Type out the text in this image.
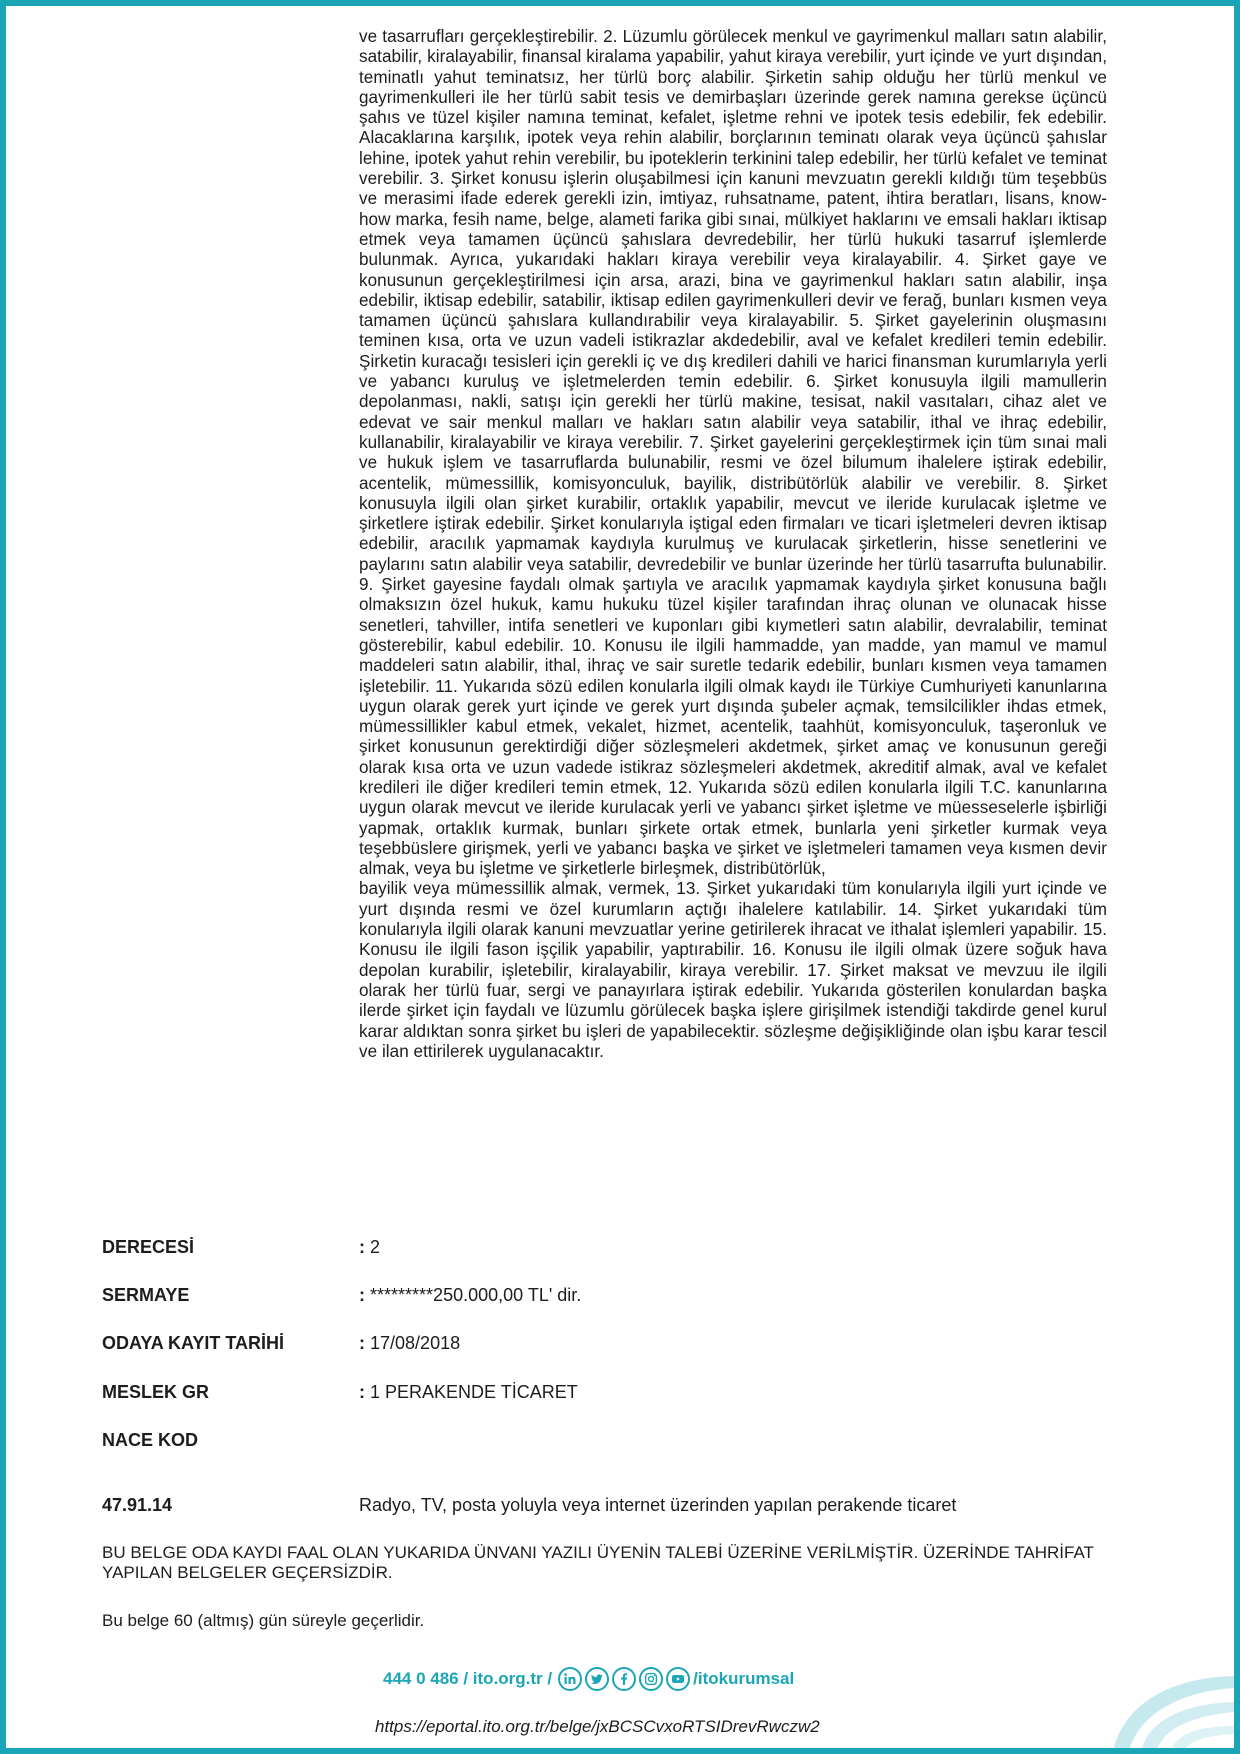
ve tasarrufları gerçekleştirebilir. 2. Lüzumlu görülecek menkul ve gayrimenkul malları satın alabilir, satabilir, kiralayabilir, finansal kiralama yapabilir, yahut kiraya verebilir, yurt içinde ve yurt dışından, teminatlı yahut teminatsız, her türlü borç alabilir. Şirketin sahip olduğu her türlü menkul ve gayrimenkulleri ile her türlü sabit tesis ve demirbaşları üzerinde gerek namına gerekse üçüncü şahıs ve tüzel kişiler namına teminat, kefalet, işletme rehni ve ipotek tesis edebilir, fek edebilir. Alacaklarına karşılık, ipotek veya rehin alabilir, borçlarının teminatı olarak veya üçüncü şahıslar lehine, ipotek yahut rehin verebilir, bu ipoteklerin terkinini talep edebilir, her türlü kefalet ve teminat verebilir. 3. Şirket konusu işlerin oluşabilmesi için kanuni mevzuatın gerekli kıldığı tüm teşebbüs ve merasimi ifade ederek gerekli izin, imtiyaz, ruhsatname, patent, ihtira beratları, lisans, know-how marka, fesih name, belge, alameti farika gibi sınai, mülkiyet haklarını ve emsali hakları iktisap etmek veya tamamen üçüncü şahıslara devredebilir, her türlü hukuki tasarruf işlemlerde bulunmak. Ayrıca, yukarıdaki hakları kiraya verebilir veya kiralayabilir. 4. Şirket gaye ve konusunun gerçekleştirilmesi için arsa, arazi, bina ve gayrimenkul hakları satın alabilir, inşa edebilir, iktisap edebilir, satabilir, iktisap edilen gayrimenkulleri devir ve ferağ, bunları kısmen veya tamamen üçüncü şahıslara kullandırabilir veya kiralayabilir. 5. Şirket gayelerinin oluşmasını teminen kısa, orta ve uzun vadeli istikrazlar akdedebilir, aval ve kefalet kredileri temin edebilir. Şirketin kuracağı tesisleri için gerekli iç ve dış kredileri dahili ve harici finansman kurumlarıyla yerli ve yabancı kuruluş ve işletmelerden temin edebilir. 6. Şirket konusuyla ilgili mamullerin depolanması, nakli, satışı için gerekli her türlü makine, tesisat, nakil vasıtaları, cihaz alet ve edevat ve sair menkul malları ve hakları satın alabilir veya satabilir, ithal ve ihraç edebilir, kullanabilir, kiralayabilir ve kiraya verebilir. 7. Şirket gayelerini gerçekleştirmek için tüm sınai mali ve hukuk işlem ve tasarruflarda bulunabilir, resmi ve özel bilumum ihalelere iştirak edebilir, acentelik, mümessillik, komisyonculuk, bayilik, distribütörlük alabilir ve verebilir. 8. Şirket konusuyla ilgili olan şirket kurabilir, ortaklık yapabilir, mevcut ve ileride kurulacak işletme ve şirketlere iştirak edebilir. Şirket konularıyla iştigal eden firmaları ve ticari işletmeleri devren iktisap edebilir, aracılık yapmamak kaydıyla kurulmuş ve kurulacak şirketlerin, hisse senetlerini ve paylarını satın alabilir veya satabilir, devredebilir ve bunlar üzerinde her türlü tasarrufta bulunabilir. 9. Şirket gayesine faydalı olmak şartıyla ve aracılık yapmamak kaydıyla şirket konusuna bağlı olmaksızın özel hukuk, kamu hukuku tüzel kişiler tarafından ihraç olunan ve olunacak hisse senetleri, tahviller, intifa senetleri ve kuponları gibi kıymetleri satın alabilir, devralabilir, teminat gösterebilir, kabul edebilir. 10. Konusu ile ilgili hammadde, yan madde, yan mamul ve mamul maddeleri satın alabilir, ithal, ihraç ve sair suretle tedarik edebilir, bunları kısmen veya tamamen işletebilir. 11. Yukarıda sözü edilen konularla ilgili olmak kaydı ile Türkiye Cumhuriyeti kanunlarına uygun olarak gerek yurt içinde ve gerek yurt dışında şubeler açmak, temsilcilikler ihdas etmek, mümessillikler kabul etmek, vekalet, hizmet, acentelik, taahhüt, komisyonculuk, taşeronluk ve şirket konusunun gerektirdiği diğer sözleşmeleri akdetmek, şirket amaç ve konusunun gereği olarak kısa orta ve uzun vadede istikraz sözleşmeleri akdetmek, akreditif almak, aval ve kefalet kredileri ile diğer kredileri temin etmek, 12. Yukarıda sözü edilen konularla ilgili T.C. kanunlarına uygun olarak mevcut ve ileride kurulacak yerli ve yabancı şirket işletme ve müesseselerle işbirliği yapmak, ortaklık kurmak, bunları şirkete ortak etmek, bunlarla yeni şirketler kurmak veya teşebbüslere girişmek, yerli ve yabancı başka ve şirket ve işletmeleri tamamen veya kısmen devir almak, veya bu işletme ve şirketlerle birleşmek, distribütörlük,
bayilik veya mümessillik almak, vermek, 13. Şirket yukarıdaki tüm konularıyla ilgili yurt içinde ve yurt dışında resmi ve özel kurumların açtığı ihalelere katılabilir. 14. Şirket yukarıdaki tüm konularıyla ilgili olarak kanuni mevzuatlar yerine getirilerek ihracat ve ithalat işlemleri yapabilir. 15. Konusu ile ilgili fason işçilik yapabilir, yaptırabilir. 16. Konusu ile ilgili olmak üzere soğuk hava depolan kurabilir, işletebilir, kiralayabilir, kiraya verebilir. 17. Şirket maksat ve mevzuu ile ilgili olarak her türlü fuar, sergi ve panayırlara iştirak edebilir. Yukarıda gösterilen konulardan başka ilerde şirket için faydalı ve lüzumlu görülecek başka işlere girişilmek istendiği takdirde genel kurul karar aldıktan sonra şirket bu işleri de yapabilecektir. sözleşme değişikliğinde olan işbu karar tescil ve ilan ettirilerek uygulanacaktır.

DERECESİ	: 2
SERMAYE	: *********250.000,00 TL' dir.
ODAYA KAYIT TARİHİ	: 17/08/2018
MESLEK GR	: 1 PERAKENDE TİCARET
NACE KOD
47.91.14	Radyo, TV, posta yoluyla veya internet üzerinden yapılan perakende ticaret

BU BELGE ODA KAYDI FAAL OLAN YUKARIDA ÜNVANI YAZILI ÜYENİN TALEBİ ÜZERİNE VERİLMİŞTİR. ÜZERİNDE TAHRİFAT YAPILAN BELGELER GEÇERSİZDİR.

Bu belge 60 (altmış) gün süreyle geçerlidir.
444 0 486 / ito.org.tr /	/itokurumsal
https://eportal.ito.org.tr/belge/jxBCSCvxoRTSIDrevRwczw2
